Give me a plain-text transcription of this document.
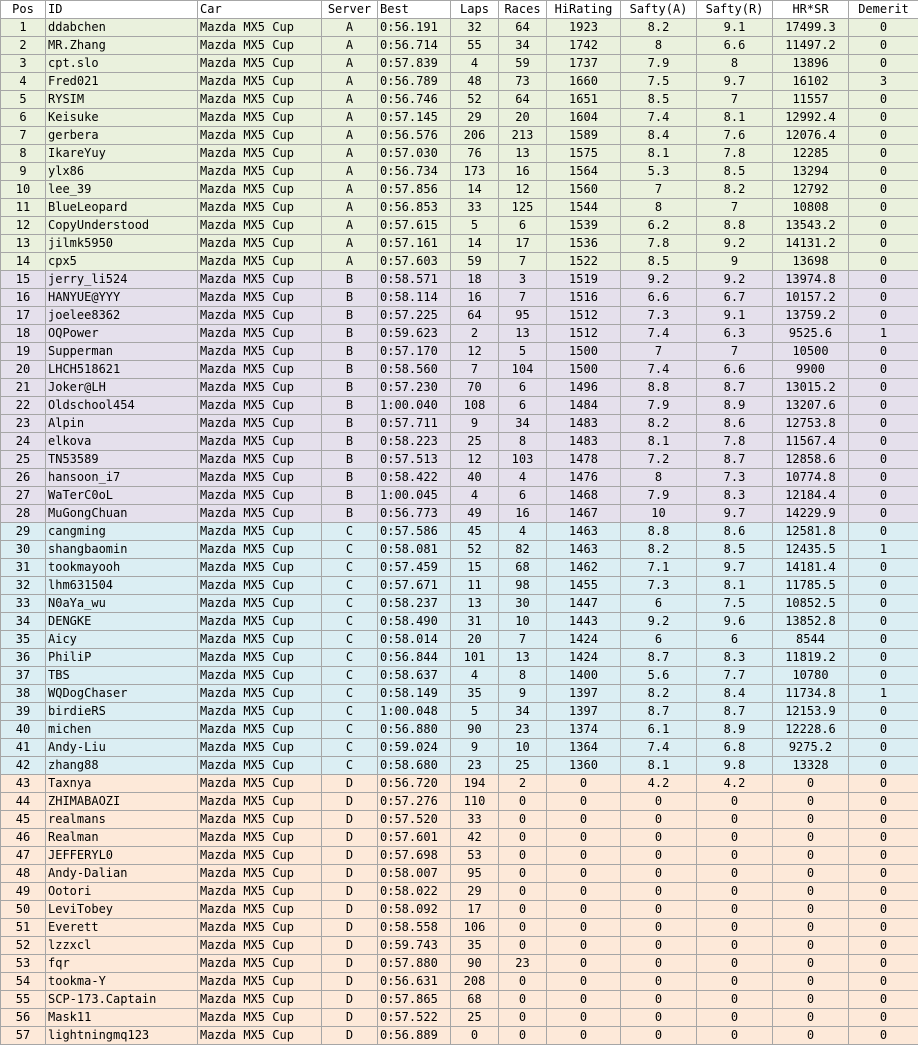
Pos	ID	Car	Server	Best	Laps	Races	HiRating	Safty(A)	Safty(R)	HR*SR	Demerit
1	ddabchen	Mazda MX5 Cup	A	0:56.191	32	64	1923	8.2	9.1	17499.3	0
2	MR.Zhang	Mazda MX5 Cup	A	0:56.714	55	34	1742	8	6.6	11497.2	0
3	cpt.slo	Mazda MX5 Cup	A	0:57.839	4	59	1737	7.9	8	13896	0
4	Fred021	Mazda MX5 Cup	A	0:56.789	48	73	1660	7.5	9.7	16102	3
5	RYSIM	Mazda MX5 Cup	A	0:56.746	52	64	1651	8.5	7	11557	0
6	Keisuke	Mazda MX5 Cup	A	0:57.145	29	20	1604	7.4	8.1	12992.4	0
7	gerbera	Mazda MX5 Cup	A	0:56.576	206	213	1589	8.4	7.6	12076.4	0
8	IkareYuy	Mazda MX5 Cup	A	0:57.030	76	13	1575	8.1	7.8	12285	0
9	ylx86	Mazda MX5 Cup	A	0:56.734	173	16	1564	5.3	8.5	13294	0
10	lee_39	Mazda MX5 Cup	A	0:57.856	14	12	1560	7	8.2	12792	0
11	BlueLeopard	Mazda MX5 Cup	A	0:56.853	33	125	1544	8	7	10808	0
12	CopyUnderstood	Mazda MX5 Cup	A	0:57.615	5	6	1539	6.2	8.8	13543.2	0
13	jilmk5950	Mazda MX5 Cup	A	0:57.161	14	17	1536	7.8	9.2	14131.2	0
14	cpx5	Mazda MX5 Cup	A	0:57.603	59	7	1522	8.5	9	13698	0
15	jerry_li524	Mazda MX5 Cup	B	0:58.571	18	3	1519	9.2	9.2	13974.8	0
16	HANYUE@YYY	Mazda MX5 Cup	B	0:58.114	16	7	1516	6.6	6.7	10157.2	0
17	joelee8362	Mazda MX5 Cup	B	0:57.225	64	95	1512	7.3	9.1	13759.2	0
18	OQPower	Mazda MX5 Cup	B	0:59.623	2	13	1512	7.4	6.3	9525.6	1
19	Supperman	Mazda MX5 Cup	B	0:57.170	12	5	1500	7	7	10500	0
20	LHCH518621	Mazda MX5 Cup	B	0:58.560	7	104	1500	7.4	6.6	9900	0
21	Joker@LH	Mazda MX5 Cup	B	0:57.230	70	6	1496	8.8	8.7	13015.2	0
22	Oldschool454	Mazda MX5 Cup	B	1:00.040	108	6	1484	7.9	8.9	13207.6	0
23	Alpin	Mazda MX5 Cup	B	0:57.711	9	34	1483	8.2	8.6	12753.8	0
24	elkova	Mazda MX5 Cup	B	0:58.223	25	8	1483	8.1	7.8	11567.4	0
25	TN53589	Mazda MX5 Cup	B	0:57.513	12	103	1478	7.2	8.7	12858.6	0
26	hansoon_i7	Mazda MX5 Cup	B	0:58.422	40	4	1476	8	7.3	10774.8	0
27	WaTerC0oL	Mazda MX5 Cup	B	1:00.045	4	6	1468	7.9	8.3	12184.4	0
28	MuGongChuan	Mazda MX5 Cup	B	0:56.773	49	16	1467	10	9.7	14229.9	0
29	cangming	Mazda MX5 Cup	C	0:57.586	45	4	1463	8.8	8.6	12581.8	0
30	shangbaomin	Mazda MX5 Cup	C	0:58.081	52	82	1463	8.2	8.5	12435.5	1
31	tookmayooh	Mazda MX5 Cup	C	0:57.459	15	68	1462	7.1	9.7	14181.4	0
32	lhm631504	Mazda MX5 Cup	C	0:57.671	11	98	1455	7.3	8.1	11785.5	0
33	N0aYa_wu	Mazda MX5 Cup	C	0:58.237	13	30	1447	6	7.5	10852.5	0
34	DENGKE	Mazda MX5 Cup	C	0:58.490	31	10	1443	9.2	9.6	13852.8	0
35	Aicy	Mazda MX5 Cup	C	0:58.014	20	7	1424	6	6	8544	0
36	PhiliP	Mazda MX5 Cup	C	0:56.844	101	13	1424	8.7	8.3	11819.2	0
37	TBS	Mazda MX5 Cup	C	0:58.637	4	8	1400	5.6	7.7	10780	0
38	WQDogChaser	Mazda MX5 Cup	C	0:58.149	35	9	1397	8.2	8.4	11734.8	1
39	birdieRS	Mazda MX5 Cup	C	1:00.048	5	34	1397	8.7	8.7	12153.9	0
40	michen	Mazda MX5 Cup	C	0:56.880	90	23	1374	6.1	8.9	12228.6	0
41	Andy-Liu	Mazda MX5 Cup	C	0:59.024	9	10	1364	7.4	6.8	9275.2	0
42	zhang88	Mazda MX5 Cup	C	0:58.680	23	25	1360	8.1	9.8	13328	0
43	Taxnya	Mazda MX5 Cup	D	0:56.720	194	2	0	4.2	4.2	0	0
44	ZHIMABAOZI	Mazda MX5 Cup	D	0:57.276	110	0	0	0	0	0	0
45	realmans	Mazda MX5 Cup	D	0:57.520	33	0	0	0	0	0	0
46	Realman	Mazda MX5 Cup	D	0:57.601	42	0	0	0	0	0	0
47	JEFFERYL0	Mazda MX5 Cup	D	0:57.698	53	0	0	0	0	0	0
48	Andy-Dalian	Mazda MX5 Cup	D	0:58.007	95	0	0	0	0	0	0
49	Ootori	Mazda MX5 Cup	D	0:58.022	29	0	0	0	0	0	0
50	LeviTobey	Mazda MX5 Cup	D	0:58.092	17	0	0	0	0	0	0
51	Everett	Mazda MX5 Cup	D	0:58.558	106	0	0	0	0	0	0
52	lzzxcl	Mazda MX5 Cup	D	0:59.743	35	0	0	0	0	0	0
53	fqr	Mazda MX5 Cup	D	0:57.880	90	23	0	0	0	0	0
54	tookma-Y	Mazda MX5 Cup	D	0:56.631	208	0	0	0	0	0	0
55	SCP-173.Captain	Mazda MX5 Cup	D	0:57.865	68	0	0	0	0	0	0
56	Mask11	Mazda MX5 Cup	D	0:57.522	25	0	0	0	0	0	0
57	lightningmq123	Mazda MX5 Cup	D	0:56.889	0	0	0	0	0	0	0
